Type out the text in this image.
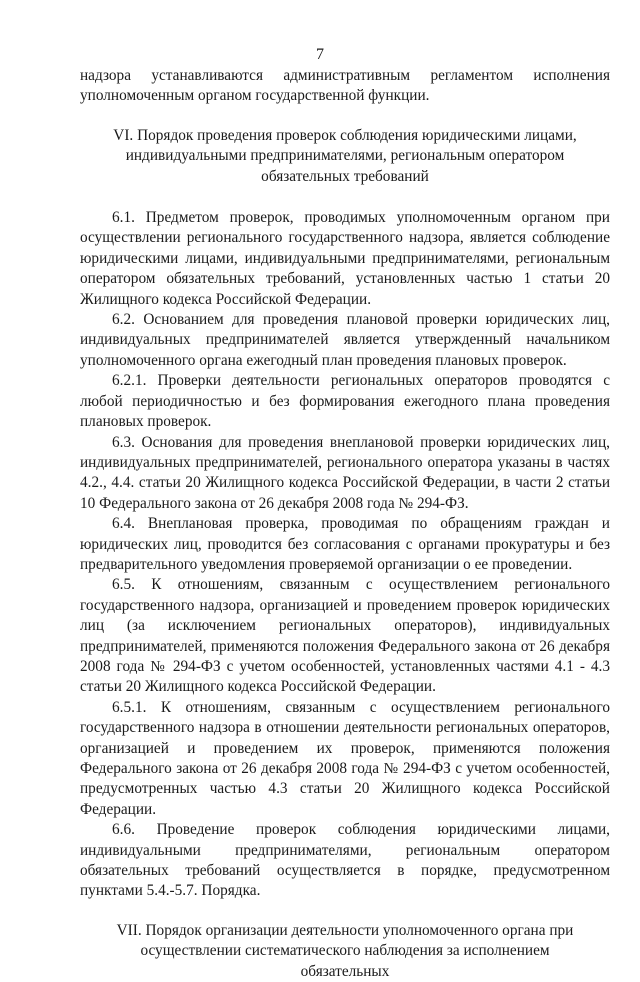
7

надзора устанавливаются административным регламентом исполнения уполномоченным органом государственной функции.

VI. Порядок проведения проверок соблюдения юридическими лицами, индивидуальными предпринимателями, региональным оператором обязательных требований

6.1. Предметом проверок, проводимых уполномоченным органом при осуществлении регионального государственного надзора, является соблюдение юридическими лицами, индивидуальными предпринимателями, региональным оператором обязательных требований, установленных частью 1 статьи 20 Жилищного кодекса Российской Федерации.

6.2. Основанием для проведения плановой проверки юридических лиц, индивидуальных предпринимателей является утвержденный начальником уполномоченного органа ежегодный план проведения плановых проверок.

6.2.1. Проверки деятельности региональных операторов проводятся с любой периодичностью и без формирования ежегодного плана проведения плановых проверок.

6.3. Основания для проведения внеплановой проверки юридических лиц, индивидуальных предпринимателей, регионального оператора указаны в частях 4.2., 4.4. статьи 20 Жилищного кодекса Российской Федерации, в части 2 статьи 10 Федерального закона от 26 декабря 2008 года № 294-ФЗ.

6.4. Внеплановая проверка, проводимая по обращениям граждан и юридических лиц, проводится без согласования с органами прокуратуры и без предварительного уведомления проверяемой организации о ее проведении.

6.5. К отношениям, связанным с осуществлением регионального государственного надзора, организацией и проведением проверок юридических лиц (за исключением региональных операторов), индивидуальных предпринимателей, применяются положения Федерального закона от 26 декабря 2008 года № 294-ФЗ с учетом особенностей, установленных частями 4.1 - 4.3 статьи 20 Жилищного кодекса Российской Федерации.

6.5.1. К отношениям, связанным с осуществлением регионального государственного надзора в отношении деятельности региональных операторов, организацией и проведением их проверок, применяются положения Федерального закона от 26 декабря 2008 года № 294-ФЗ с учетом особенностей, предусмотренных частью 4.3 статьи 20 Жилищного кодекса Российской Федерации.

6.6. Проведение проверок соблюдения юридическими лицами, индивидуальными предпринимателями, региональным оператором обязательных требований осуществляется в порядке, предусмотренном пунктами 5.4.-5.7. Порядка.

VII. Порядок организации деятельности уполномоченного органа при осуществлении систематического наблюдения за исполнением обязательных
